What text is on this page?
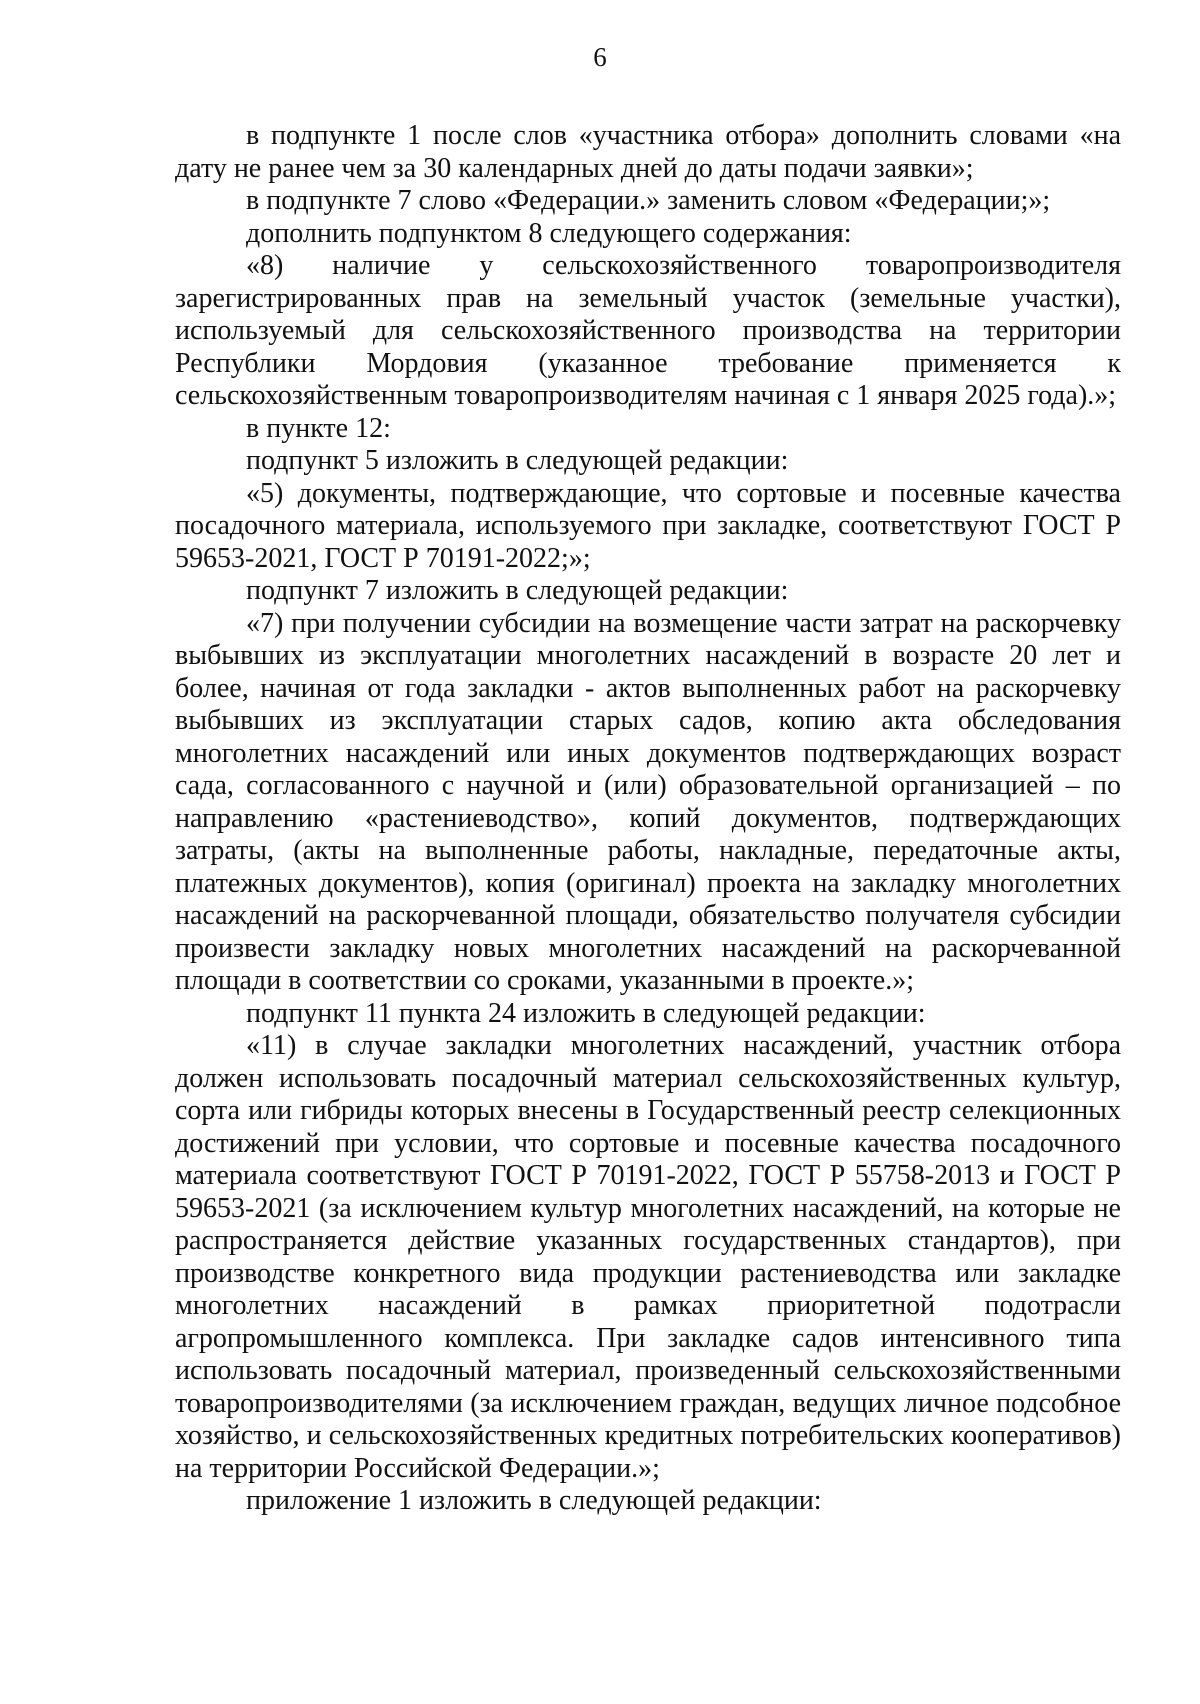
6

в подпункте 1 после слов «участника отбора» дополнить словами «на дату не ранее чем за 30 календарных дней до даты подачи заявки»;

в подпункте 7 слово «Федерации.» заменить словом «Федерации;»;

дополнить подпунктом 8 следующего содержания:

«8) наличие у сельскохозяйственного товаропроизводителя зарегистрированных прав на земельный участок (земельные участки), используемый для сельскохозяйственного производства на территории Республики Мордовия (указанное требование применяется к сельскохозяйственным товаропроизводителям начиная с 1 января 2025 года).»;

в пункте 12:

подпункт 5 изложить в следующей редакции:

«5) документы, подтверждающие, что сортовые и посевные качества посадочного материала, используемого при закладке, соответствуют ГОСТ Р 59653-2021, ГОСТ Р 70191-2022;»;

подпункт 7 изложить в следующей редакции:

«7) при получении субсидии на возмещение части затрат на раскорчевку выбывших из эксплуатации многолетних насаждений в возрасте 20 лет и более, начиная от года закладки - актов выполненных работ на раскорчевку выбывших из эксплуатации старых садов, копию акта обследования многолетних насаждений или иных документов подтверждающих возраст сада, согласованного с научной и (или) образовательной организацией – по направлению «растениеводство», копий документов, подтверждающих затраты, (акты на выполненные работы, накладные, передаточные акты, платежных документов), копия (оригинал) проекта на закладку многолетних насаждений на раскорчеванной площади, обязательство получателя субсидии произвести закладку новых многолетних насаждений на раскорчеванной площади в соответствии со сроками, указанными в проекте.»;

подпункт 11 пункта 24 изложить в следующей редакции:

«11) в случае закладки многолетних насаждений, участник отбора должен использовать посадочный материал сельскохозяйственных культур, сорта или гибриды которых внесены в Государственный реестр селекционных достижений при условии, что сортовые и посевные качества посадочного материала соответствуют ГОСТ Р 70191-2022, ГОСТ Р 55758-2013 и ГОСТ Р 59653-2021 (за исключением культур многолетних насаждений, на которые не распространяется действие указанных государственных стандартов), при производстве конкретного вида продукции растениеводства или закладке многолетних насаждений в рамках приоритетной подотрасли агропромышленного комплекса. При закладке садов интенсивного типа использовать посадочный материал, произведенный сельскохозяйственными товаропроизводителями (за исключением граждан, ведущих личное подсобное хозяйство, и сельскохозяйственных кредитных потребительских кооперативов) на территории Российской Федерации.»;

приложение 1 изложить в следующей редакции:
